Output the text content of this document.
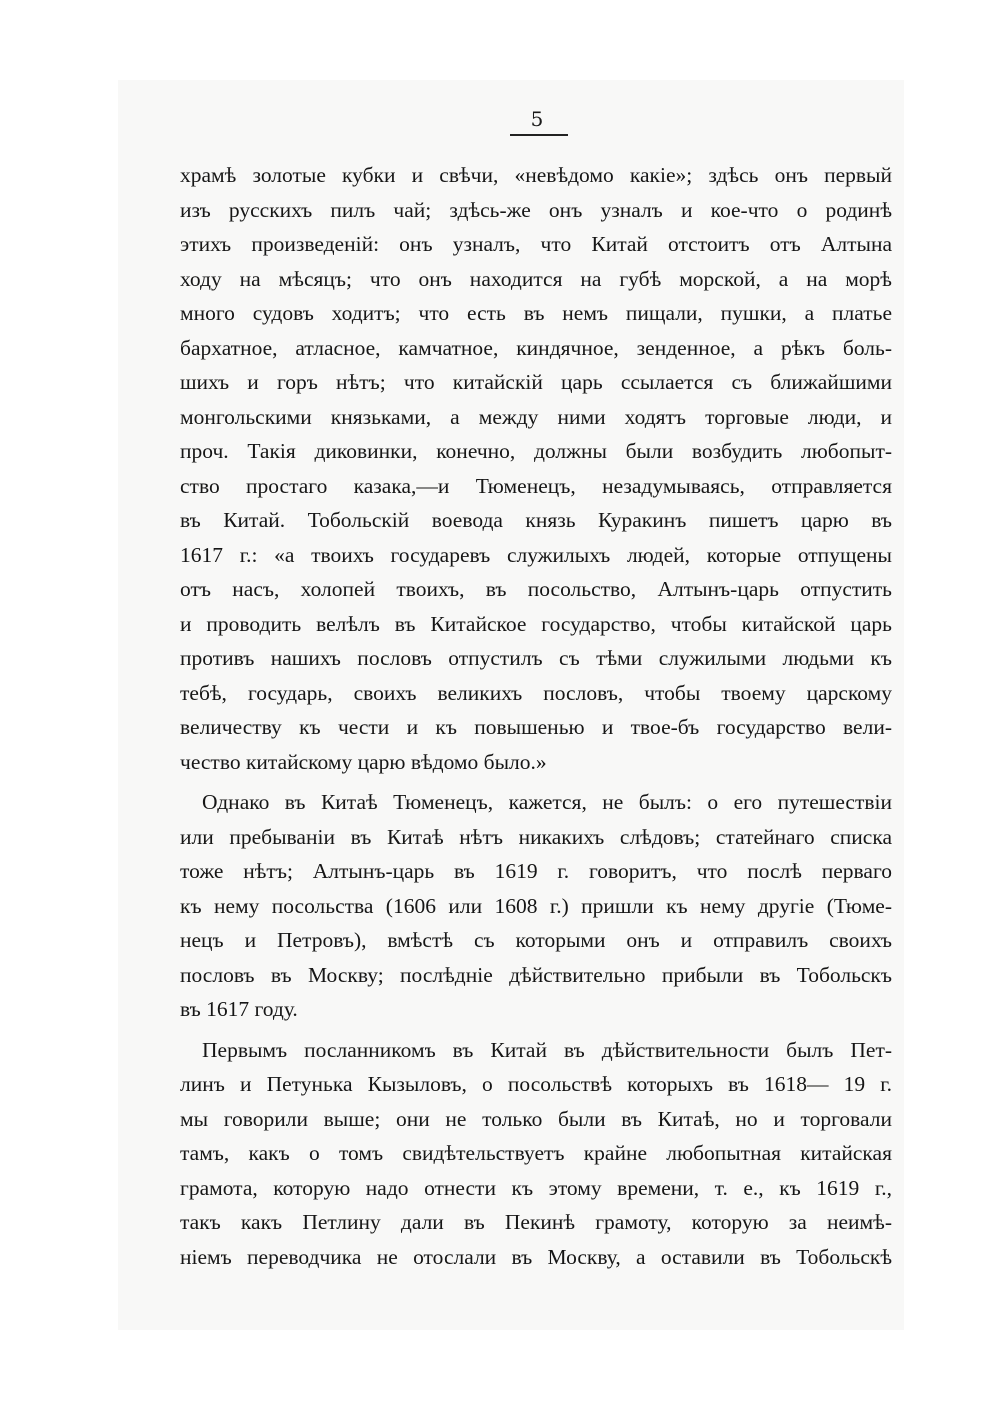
5
храмѣ золотые кубки и свѣчи, «невѣдомо какіе»; здѣсь онъ первый
изъ русскихъ пилъ чай; здѣсь-же онъ узналъ и кое-что о родинѣ
этихъ произведеній: онъ узналъ, что Китай отстоитъ отъ Алтына
ходу на мѣсяцъ; что онъ находится на губѣ морской, а на морѣ
много судовъ ходитъ; что есть въ немъ пищали, пушки, а платье
бархатное, атласное, камчатное, киндячное, зенденное, а рѣкъ боль-
шихъ и горъ нѣтъ; что китайскій царь ссылается съ ближайшими
монгольскими князьками, а между ними ходятъ торговые люди, и
проч. Такія диковинки, конечно, должны были возбудить любопыт-
ство простаго казака,—и Тюменецъ, незадумываясь, отправляется
въ Китай. Тобольскій воевода князь Куракинъ пишетъ царю въ
1617 г.: «а твоихъ государевъ служилыхъ людей, которые отпущены
отъ насъ, холопей твоихъ, въ посольство, Алтынъ-царь отпустить
и проводить велѣлъ въ Китайское государство, чтобы китайской царь
противъ нашихъ пословъ отпустилъ съ тѣми служилыми людьми къ
тебѣ, государь, своихъ великихъ пословъ, чтобы твоему царскому
величеству къ чести и къ повышенью и твое-бъ государство вели-
чество китайскому царю вѣдомо было.»
Однако въ Китаѣ Тюменецъ, кажется, не былъ: о его путешествіи
или пребываніи въ Китаѣ нѣтъ никакихъ слѣдовъ; статейнаго списка
тоже нѣтъ; Алтынъ-царь въ 1619 г. говоритъ, что послѣ перваго
къ нему посольства (1606 или 1608 г.) пришли къ нему другіе (Тюме-
нецъ и Петровъ), вмѣстѣ съ которыми онъ и отправилъ своихъ
пословъ въ Москву; послѣдніе дѣйствительно прибыли въ Тобольскъ
въ 1617 году.
Первымъ посланникомъ въ Китай въ дѣйствительности былъ Пет-
линъ и Петунька Кызыловъ, о посольствѣ которыхъ въ 1618— 19 г.
мы говорили выше; они не только были въ Китаѣ, но и торговали
тамъ, какъ о томъ свидѣтельствуетъ крайне любопытная китайская
грамота, которую надо отнести къ этому времени, т. е., къ 1619 г.,
такъ какъ Петлину дали въ Пекинѣ грамоту, которую за неимѣ-
ніемъ переводчика не отослали въ Москву, а оставили въ Тобольскѣ
